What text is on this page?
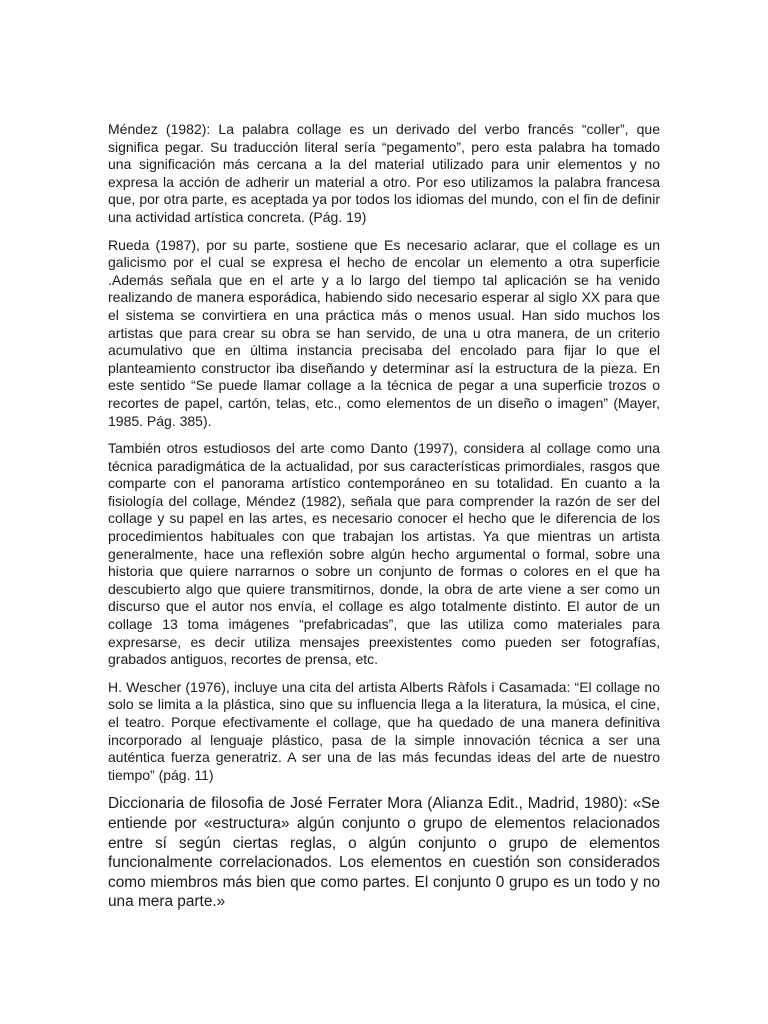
Méndez (1982): La palabra collage es un derivado del verbo francés “coller”, que significa pegar. Su traducción literal sería “pegamento”, pero esta palabra ha tomado una significación más cercana a la del material utilizado para unir elementos y no expresa la acción de adherir un material a otro. Por eso utilizamos la palabra francesa que, por otra parte, es aceptada ya por todos los idiomas del mundo, con el fin de definir una actividad artística concreta. (Pág. 19)

Rueda (1987), por su parte, sostiene que Es necesario aclarar, que el collage es un galicismo por el cual se expresa el hecho de encolar un elemento a otra superficie .Además señala que en el arte y a lo largo del tiempo tal aplicación se ha venido realizando de manera esporádica, habiendo sido necesario esperar al siglo XX para que el sistema se convirtiera en una práctica más o menos usual. Han sido muchos los artistas que para crear su obra se han servido, de una u otra manera, de un criterio acumulativo que en última instancia precisaba del encolado para fijar lo que el planteamiento constructor iba diseñando y determinar así la estructura de la pieza. En este sentido “Se puede llamar collage a la técnica de pegar a una superficie trozos o recortes de papel, cartón, telas, etc., como elementos de un diseño o imagen” (Mayer, 1985. Pág. 385).

También otros estudiosos del arte como Danto (1997), considera al collage como una técnica paradigmática de la actualidad, por sus características primordiales, rasgos que comparte con el panorama artístico contemporáneo en su totalidad. En cuanto a la fisiología del collage, Méndez (1982), señala que para comprender la razón de ser del collage y su papel en las artes, es necesario conocer el hecho que le diferencia de los procedimientos habituales con que trabajan los artistas. Ya que mientras un artista generalmente, hace una reflexión sobre algún hecho argumental o formal, sobre una historia que quiere narrarnos o sobre un conjunto de formas o colores en el que ha descubierto algo que quiere transmitirnos, donde, la obra de arte viene a ser como un discurso que el autor nos envía, el collage es algo totalmente distinto. El autor de un collage 13 toma imágenes “prefabricadas”, que las utiliza como materiales para expresarse, es decir utiliza mensajes preexistentes como pueden ser fotografías, grabados antiguos, recortes de prensa, etc.

H. Wescher (1976), incluye una cita del artista Alberts Ràfols i Casamada: “El collage no solo se limita a la plástica, sino que su influencia llega a la literatura, la música, el cine, el teatro. Porque efectivamente el collage, que ha quedado de una manera definitiva incorporado al lenguaje plástico, pasa de la simple innovación técnica a ser una auténtica fuerza generatriz. A ser una de las más fecundas ideas del arte de nuestro tiempo” (pág. 11)

Diccionaria de filosofia de José Ferrater Mora (Alianza Edit., Madrid, 1980): «Se entiende por «estructura» algún conjunto o grupo de elementos relacionados entre sí según ciertas reglas, o algún conjunto o grupo de elementos funcionalmente correlacionados. Los elementos en cuestión son considerados como miembros más bien que como partes. El conjunto 0 grupo es un todo y no una mera parte.»
